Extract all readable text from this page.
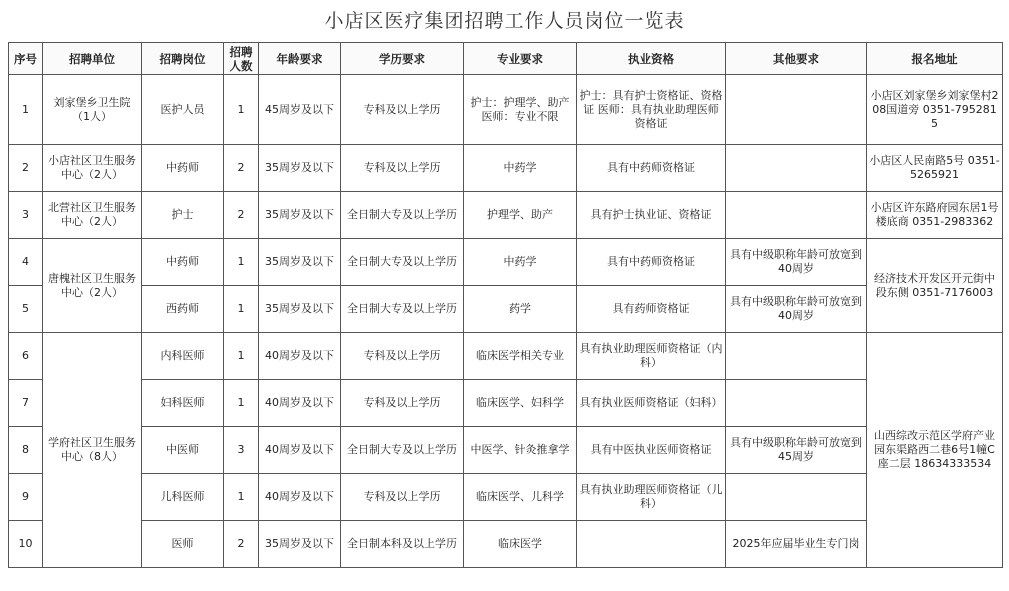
小店区医疗集团招聘工作人员岗位一览表
序号	招聘单位	招聘岗位	招聘人数	年龄要求	学历要求	专业要求	执业资格	其他要求	报名地址
1	刘家堡乡卫生院（1人）	医护人员	1	45周岁及以下	专科及以上学历	护士：护理学、助产 医师：专业不限	护士：具有护士资格证、资格证 医师：具有执业助理医师资格证		小店区刘家堡乡刘家堡村208国道旁 0351-7952815
2	小店社区卫生服务中心（2人）	中药师	2	35周岁及以下	专科及以上学历	中药学	具有中药师资格证		小店区人民南路5号 0351-5265921
3	北营社区卫生服务中心（2人）	护士	2	35周岁及以下	全日制大专及以上学历	护理学、助产	具有护士执业证、资格证		小店区许东路府园东居1号楼底商 0351-2983362
4	唐槐社区卫生服务中心（2人）	中药师	1	35周岁及以下	全日制大专及以上学历	中药学	具有中药师资格证	具有中级职称年龄可放宽到40周岁	经济技术开发区开元街中段东侧 0351-7176003
5		西药师	1	35周岁及以下	全日制大专及以上学历	药学	具有药师资格证	具有中级职称年龄可放宽到40周岁	
6	学府社区卫生服务中心（8人）	内科医师	1	40周岁及以下	专科及以上学历	临床医学相关专业	具有执业助理医师资格证（内科）		山西综改示范区学府产业园东渠路西二巷6号1幢C座二层 18634333534
7		妇科医师	1	40周岁及以下	专科及以上学历	临床医学、妇科学	具有执业医师资格证（妇科）		
8		中医师	3	40周岁及以下	全日制大专及以上学历	中医学、针灸推拿学	具有中医执业医师资格证	具有中级职称年龄可放宽到45周岁	
9		儿科医师	1	40周岁及以下	专科及以上学历	临床医学、儿科学	具有执业助理医师资格证（儿科）		
10		医师	2	35周岁及以下	全日制本科及以上学历	临床医学		2025年应届毕业生专门岗	
